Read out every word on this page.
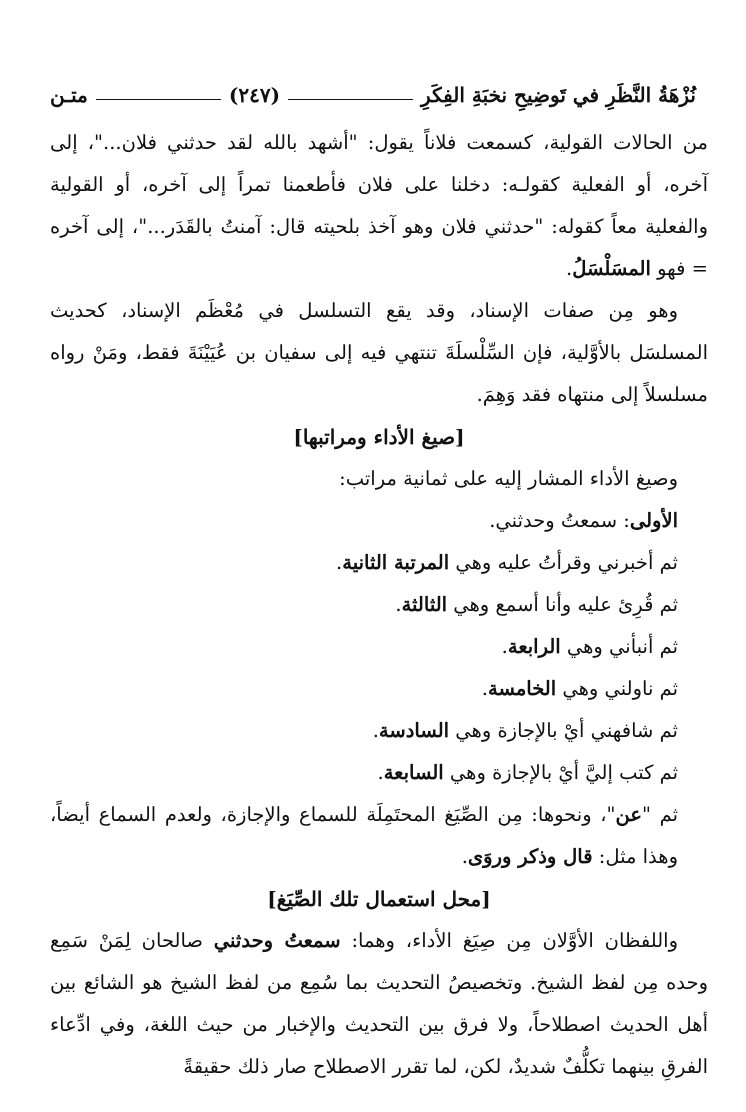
نُزْهَةُ النَّظَرِ في تَوضِيحِ نخبَةِ الفِكَرِ
(٢٤٧)
متـن

من الحالات القولية، كسمعت فلاناً يقول: "أشهد بالله لقد حدثني فلان..."، إلى آخره، أو الفعلية كقولـه: دخلنا على فلان فأطعمنا تمراً إلى آخره، أو القولية والفعلية معاً كقوله: "حدثني فلان وهو آخذ بلحيته قال: آمنتُ بالقَدَر..."، إلى آخره = فهو المسَلْسَلُ.

وهو مِن صفات الإسناد، وقد يقع التسلسل في مُعْظَم الإسناد، كحديث المسلسَل بالأوَّلية، فإن السِّلْسلَةَ تنتهي فيه إلى سفيان بن عُيَيْنَةَ فقط، ومَنْ رواه مسلسلاً إلى منتهاه فقد وَهِمَ.

[صيغ الأداء ومراتبها]

وصيغ الأداء المشار إليه على ثمانية مراتب:

الأولى: سمعتُ وحدثني.

ثم أخبرني وقرأتُ عليه وهي المرتبة الثانية.

ثم قُرِئ عليه وأنا أسمع وهي الثالثة.

ثم أنبأني وهي الرابعة.

ثم ناولني وهي الخامسة.

ثم شافهني أيْ بالإجازة وهي السادسة.

ثم كتب إليَّ أيْ بالإجازة وهي السابعة.

ثم "عن"، ونحوها: مِن الصِّيَغ المحتَمِلَة للسماع والإجازة، ولعدم السماع أيضاً، وهذا مثل: قال وذكر وروَى.

[محل استعمال تلك الصِّيَغ]

واللفظان الأوَّلان مِن صِيَغ الأداء، وهما: سمعتُ وحدثني صالحان لِمَنْ سَمِع وحده مِن لفظ الشيخ. وتخصيصُ التحديث بما سُمِع من لفظ الشيخ هو الشائع بين أهل الحديث اصطلاحاً، ولا فرق بين التحديث والإخبار من حيث اللغة، وفي ادِّعاء الفرقِ بينهما تكلُّفٌ شديدٌ، لكن، لما تقرر الاصطلاح صار ذلك حقيقةً
